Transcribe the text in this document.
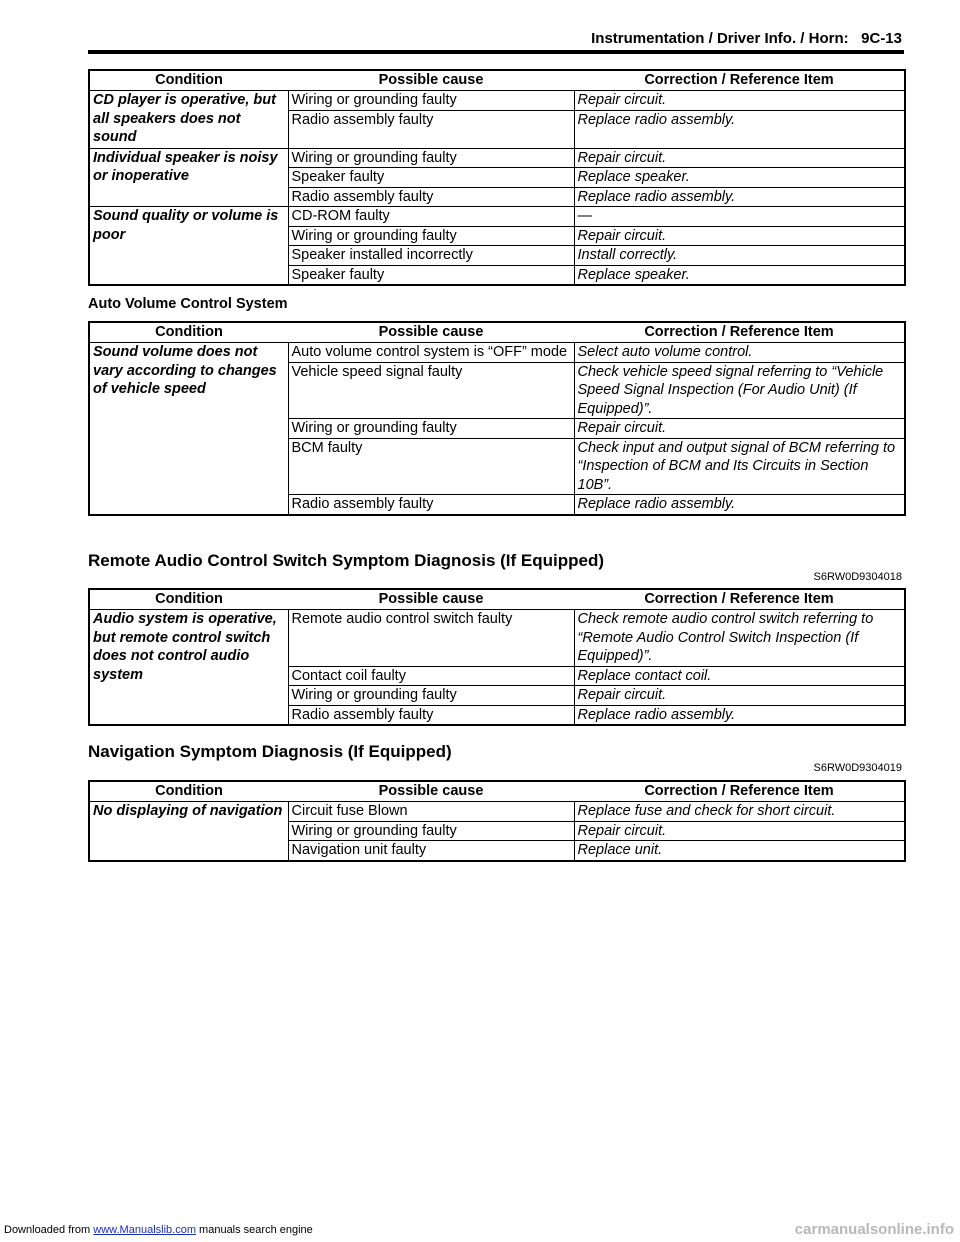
Instrumentation / Driver Info. / Horn: 9C-13
Condition	Possible cause	Correction / Reference Item
CD player is operative, but all speakers does not sound	Wiring or grounding faulty	Repair circuit.
	Radio assembly faulty	Replace radio assembly.
Individual speaker is noisy or inoperative	Wiring or grounding faulty	Repair circuit.
	Speaker faulty	Replace speaker.
	Radio assembly faulty	Replace radio assembly.
Sound quality or volume is poor	CD-ROM faulty	—
	Wiring or grounding faulty	Repair circuit.
	Speaker installed incorrectly	Install correctly.
	Speaker faulty	Replace speaker.
Auto Volume Control System
Condition	Possible cause	Correction / Reference Item
Sound volume does not vary according to changes of vehicle speed	Auto volume control system is “OFF” mode	Select auto volume control.
	Vehicle speed signal faulty	Check vehicle speed signal referring to “Vehicle Speed Signal Inspection (For Audio Unit) (If Equipped)”.
	Wiring or grounding faulty	Repair circuit.
	BCM faulty	Check input and output signal of BCM referring to “Inspection of BCM and Its Circuits in Section 10B”.
	Radio assembly faulty	Replace radio assembly.
Remote Audio Control Switch Symptom Diagnosis (If Equipped)
S6RW0D9304018
Condition	Possible cause	Correction / Reference Item
Audio system is operative, but remote control switch does not control audio system	Remote audio control switch faulty	Check remote audio control switch referring to “Remote Audio Control Switch Inspection (If Equipped)”.
	Contact coil faulty	Replace contact coil.
	Wiring or grounding faulty	Repair circuit.
	Radio assembly faulty	Replace radio assembly.
Navigation Symptom Diagnosis (If Equipped)
S6RW0D9304019
Condition	Possible cause	Correction / Reference Item
No displaying of navigation	Circuit fuse Blown	Replace fuse and check for short circuit.
	Wiring or grounding faulty	Repair circuit.
	Navigation unit faulty	Replace unit.
Downloaded from www.Manualslib.com manuals search engine	carmanualsonline.info
